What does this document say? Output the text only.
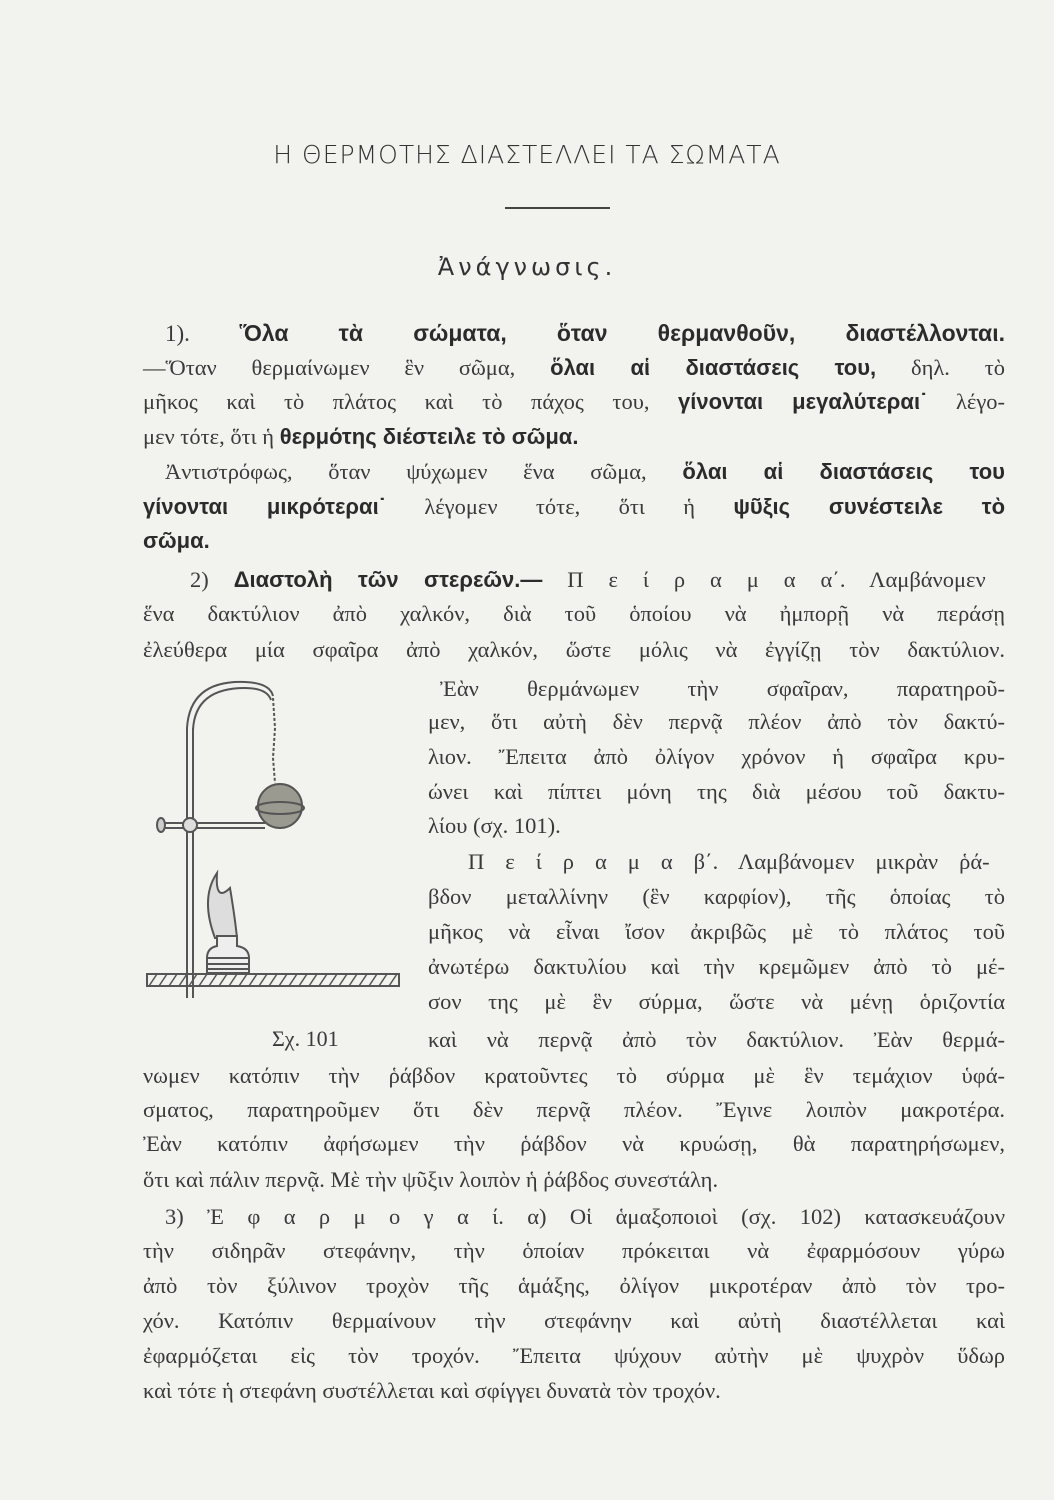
Η ΘΕΡΜΟΤΗΣ ΔΙΑΣΤΕΛΛΕΙ ΤΑ ΣΩΜΑΤΑ
Ἀνάγνωσις.
1). Ὅλα τὰ σώματα, ὅταν θερμανθοῦν, διαστέλλονται.
—Ὅταν θερμαίνωμεν ἓν σῶμα, ὅλαι αἱ διαστάσεις του, δηλ. τὸ
μῆκος καὶ τὸ πλάτος καὶ τὸ πάχος του, γίνονται μεγαλύτεραι˙ λέγο-
μεν τότε, ὅτι ἡ θερμότης διέστειλε τὸ σῶμα.
Ἀντιστρόφως, ὅταν ψύχωμεν ἕνα σῶμα, ὅλαι αἱ διαστάσεις του
γίνονται μικρότεραι˙ λέγομεν τότε, ὅτι ἡ ψῦξις συνέστειλε τὸ
σῶμα.
2) Διαστολὴ τῶν στερεῶν.— Π ε ί ρ α μ α α΄. Λαμβάνομεν
ἕνα δακτύλιον ἀπὸ χαλκόν, διὰ τοῦ ὁποίου νὰ ἠμπορῇ νὰ περάσῃ
ἐλεύθερα μία σφαῖρα ἀπὸ χαλκόν, ὥστε μόλις νὰ ἐγγίζῃ τὸν δακτύλιον.
Ἐὰν θερμάνωμεν τὴν σφαῖραν, παρατηροῦ-
μεν, ὅτι αὐτὴ δὲν περνᾷ πλέον ἀπὸ τὸν δακτύ-
λιον. Ἔπειτα ἀπὸ ὀλίγον χρόνον ἡ σφαῖρα κρυ-
ώνει καὶ πίπτει μόνη της διὰ μέσου τοῦ δακτυ-
λίου (σχ. 101).
Π ε ί ρ α μ α β΄. Λαμβάνομεν μικρὰν ῥά-
βδον μεταλλίνην (ἓν καρφίον), τῆς ὁποίας τὸ
μῆκος νὰ εἶναι ἴσον ἀκριβῶς μὲ τὸ πλάτος τοῦ
ἀνωτέρω δακτυλίου καὶ τὴν κρεμῶμεν ἀπὸ τὸ μέ-
σον της μὲ ἓν σύρμα, ὥστε νὰ μένῃ ὁριζοντία
καὶ νὰ περνᾷ ἀπὸ τὸν δακτύλιον. Ἐὰν θερμά-
νωμεν κατόπιν τὴν ῥάβδον κρατοῦντες τὸ σύρμα μὲ ἓν τεμάχιον ὑφά-
σματος, παρατηροῦμεν ὅτι δὲν περνᾷ πλέον. Ἔγινε λοιπὸν μακροτέρα.
Ἐὰν κατόπιν ἀφήσωμεν τὴν ῥάβδον νὰ κρυώσῃ, θὰ παρατηρήσωμεν,
ὅτι καὶ πάλιν περνᾷ. Μὲ τὴν ψῦξιν λοιπὸν ἡ ῥάβδος συνεστάλη.
3) Ἐ φ α ρ μ ο γ α ί. α) Οἱ ἁμαξοποιοὶ (σχ. 102) κατασκευάζουν
τὴν σιδηρᾶν στεφάνην, τὴν ὁποίαν πρόκειται νὰ ἐφαρμόσουν γύρω
ἀπὸ τὸν ξύλινον τροχὸν τῆς ἁμάξης, ὀλίγον μικροτέραν ἀπὸ τὸν τρο-
χόν. Κατόπιν θερμαίνουν τὴν στεφάνην καὶ αὐτὴ διαστέλλεται καὶ
ἐφαρμόζεται εἰς τὸν τροχόν. Ἔπειτα ψύχουν αὐτὴν μὲ ψυχρὸν ὕδωρ
καὶ τότε ἡ στεφάνη συστέλλεται καὶ σφίγγει δυνατὰ τὸν τροχόν.
Σχ. 101
